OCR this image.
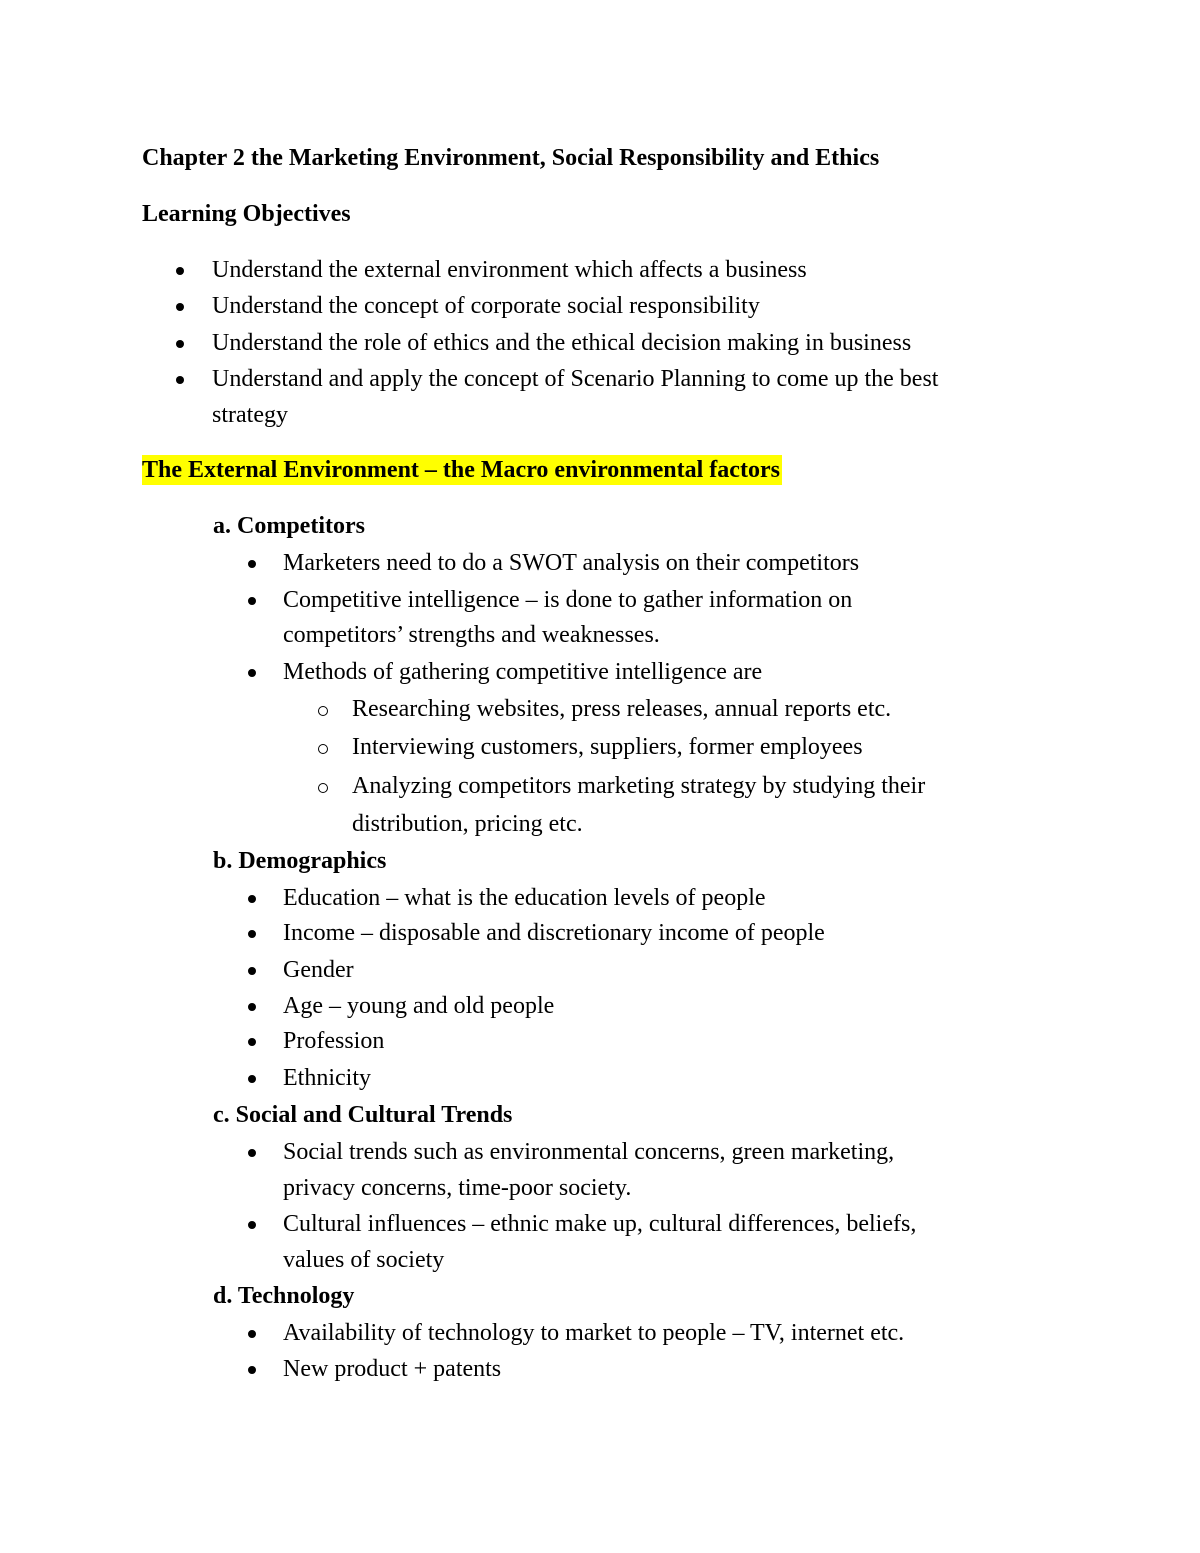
Chapter 2 the Marketing Environment, Social Responsibility and Ethics
Learning Objectives
Understand the external environment which affects a business
Understand the concept of corporate social responsibility
Understand the role of ethics and the ethical decision making in business
Understand and apply the concept of Scenario Planning to come up the best
strategy
The External Environment – the Macro environmental factors
a. Competitors
Marketers need to do a SWOT analysis on their competitors
Competitive intelligence – is done to gather information on
competitors’ strengths and weaknesses.
Methods of gathering competitive intelligence are
Researching websites, press releases, annual reports etc.
Interviewing customers, suppliers, former employees
Analyzing competitors marketing strategy by studying their
distribution, pricing etc.
b. Demographics
Education – what is the education levels of people
Income – disposable and discretionary income of people
Gender
Age – young and old people
Profession
Ethnicity
c. Social and Cultural Trends
Social trends such as environmental concerns, green marketing,
privacy concerns, time-poor society.
Cultural influences – ethnic make up, cultural differences, beliefs,
values of society
d. Technology
Availability of technology to market to people – TV, internet etc.
New product + patents
